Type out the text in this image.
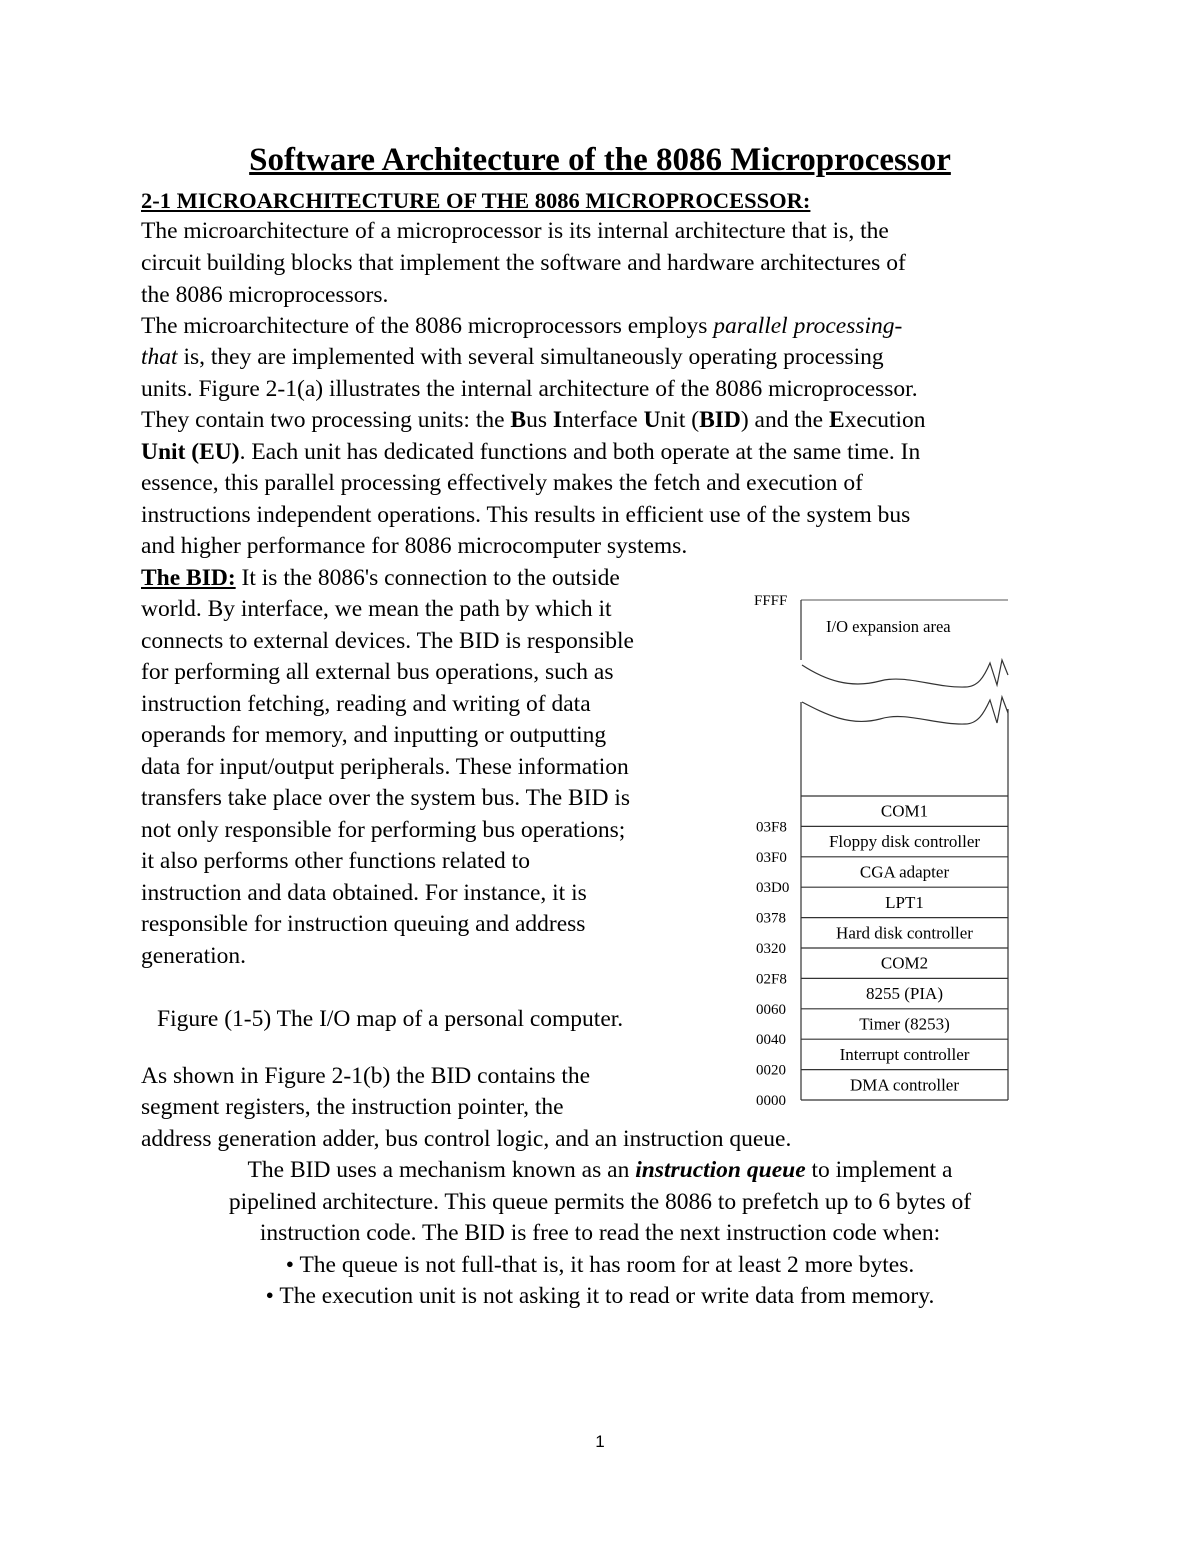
Software Architecture of the 8086 Microprocessor
2-1 MICROARCHITECTURE OF THE 8086 MICROPROCESSOR:
The microarchitecture of a microprocessor is its internal architecture that is, the
circuit building blocks that implement the software and hardware architectures of
the 8086 microprocessors.
The microarchitecture of the 8086 microprocessors employs parallel processing-
that is, they are implemented with several simultaneously operating processing
units. Figure 2-1(a) illustrates the internal architecture of the 8086 microprocessor.
They contain two processing units: the Bus Interface Unit (BID) and the Execution
Unit (EU). Each unit has dedicated functions and both operate at the same time. In
essence, this parallel processing effectively makes the fetch and execution of
instructions independent operations. This results in efficient use of the system bus
and higher performance for 8086 microcomputer systems.
The BID: It is the 8086's connection to the outside
world. By interface, we mean the path by which it
connects to external devices. The BID is responsible
for performing all external bus operations, such as
instruction fetching, reading and writing of data
operands for memory, and inputting or outputting
data for input/output peripherals. These information
transfers take place over the system bus. The BID is
not only responsible for performing bus operations;
it also performs other functions related to
instruction and data obtained. For instance, it is
responsible for instruction queuing and address
generation.
Figure (1-5) The I/O map of a personal computer.
FFFF
I/O expansion area
COM1
03F8
Floppy disk controller
03F0
CGA adapter
03D0
LPT1
0378
Hard disk controller
0320
COM2
02F8
8255 (PIA)
0060
Timer (8253)
0040
Interrupt controller
0020
DMA controller
0000
As shown in Figure 2-1(b) the BID contains the
segment registers, the instruction pointer, the
address generation adder, bus control logic, and an instruction queue.
The BID uses a mechanism known as an instruction queue to implement a
pipelined architecture. This queue permits the 8086 to prefetch up to 6 bytes of
instruction code. The BID is free to read the next instruction code when:
• The queue is not full-that is, it has room for at least 2 more bytes.
• The execution unit is not asking it to read or write data from memory.
1
